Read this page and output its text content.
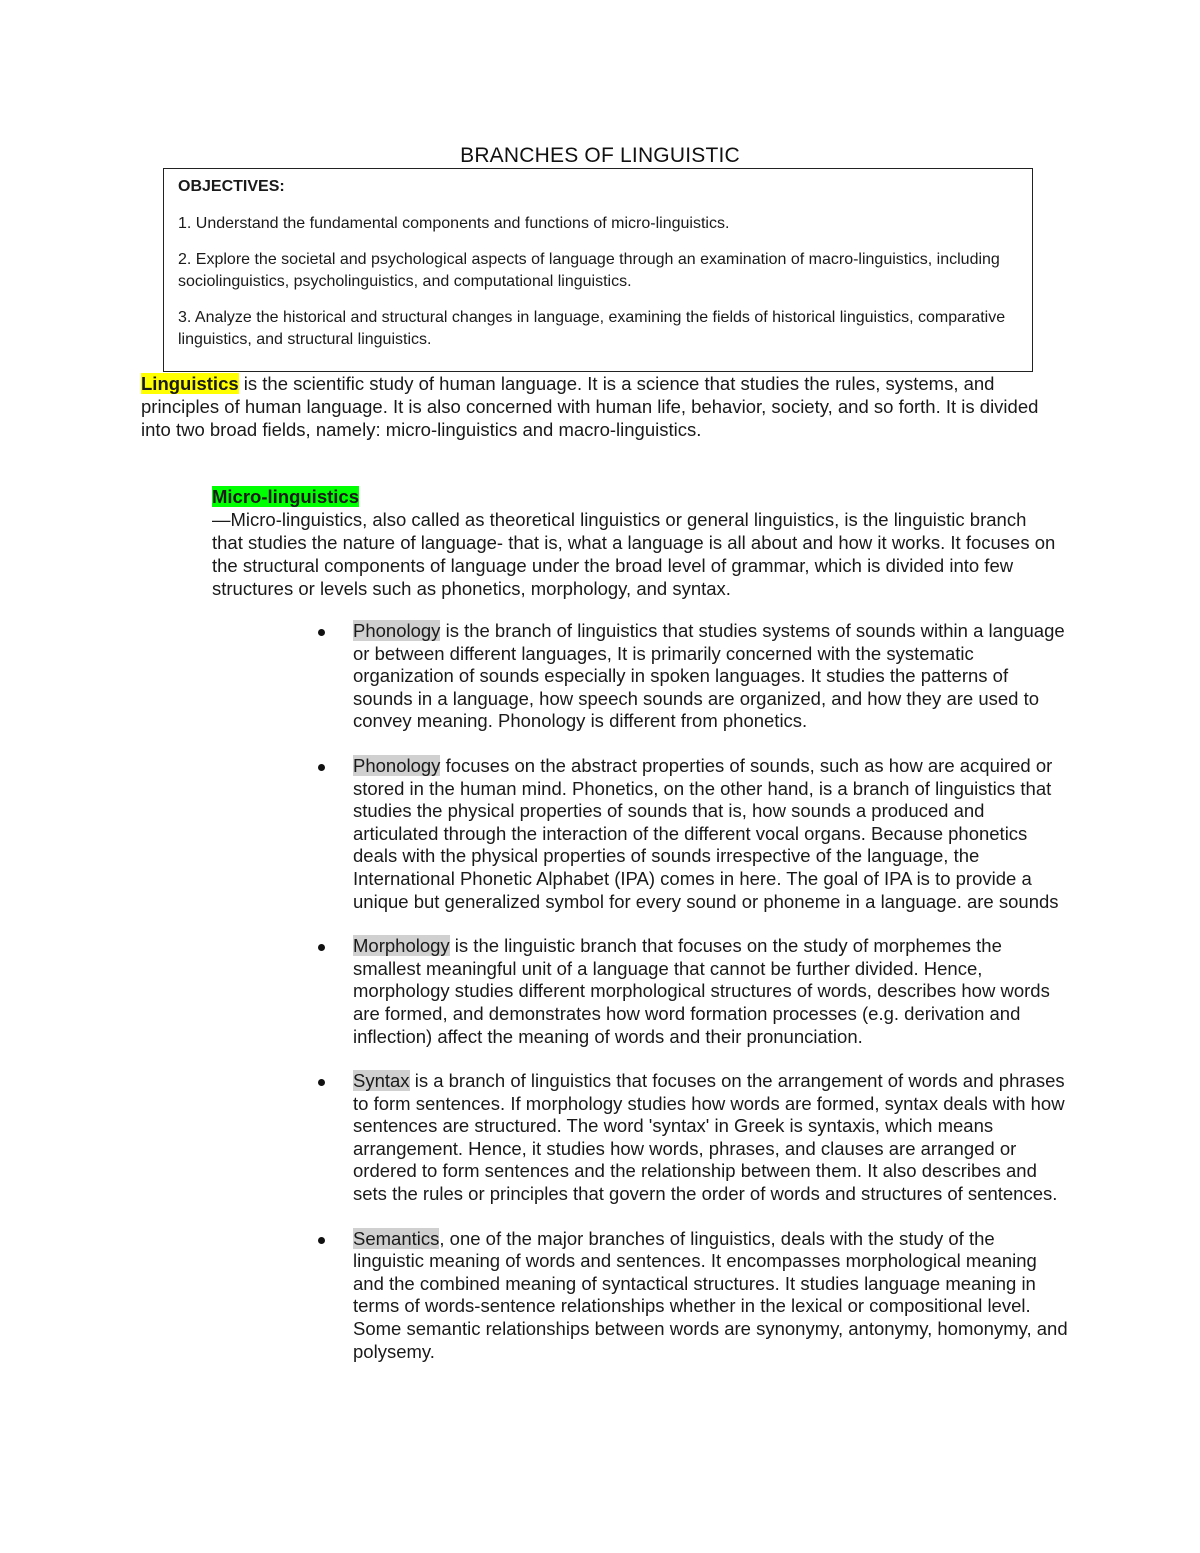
BRANCHES OF LINGUISTIC
OBJECTIVES:
1. Understand the fundamental components and functions of micro-linguistics.
2. Explore the societal and psychological aspects of language through an examination of macro-linguistics, including sociolinguistics, psycholinguistics, and computational linguistics.
3. Analyze the historical and structural changes in language, examining the fields of historical linguistics, comparative linguistics, and structural linguistics.
Linguistics is the scientific study of human language. It is a science that studies the rules, systems, and principles of human language. It is also concerned with human life, behavior, society, and so forth. It is divided into two broad fields, namely: micro-linguistics and macro-linguistics.
Micro-linguistics
—Micro-linguistics, also called as theoretical linguistics or general linguistics, is the linguistic branch that studies the nature of language- that is, what a language is all about and how it works. It focuses on the structural components of language under the broad level of grammar, which is divided into few structures or levels such as phonetics, morphology, and syntax.
Phonology is the branch of linguistics that studies systems of sounds within a language or between different languages, It is primarily concerned with the systematic organization of sounds especially in spoken languages. It studies the patterns of sounds in a language, how speech sounds are organized, and how they are used to convey meaning. Phonology is different from phonetics.
Phonology focuses on the abstract properties of sounds, such as how are acquired or stored in the human mind. Phonetics, on the other hand, is a branch of linguistics that studies the physical properties of sounds that is, how sounds a produced and articulated through the interaction of the different vocal organs. Because phonetics deals with the physical properties of sounds irrespective of the language, the International Phonetic Alphabet (IPA) comes in here. The goal of IPA is to provide a unique but generalized symbol for every sound or phoneme in a language. are sounds
Morphology is the linguistic branch that focuses on the study of morphemes the smallest meaningful unit of a language that cannot be further divided. Hence, morphology studies different morphological structures of words, describes how words are formed, and demonstrates how word formation processes (e.g. derivation and inflection) affect the meaning of words and their pronunciation.
Syntax is a branch of linguistics that focuses on the arrangement of words and phrases to form sentences. If morphology studies how words are formed, syntax deals with how sentences are structured. The word 'syntax' in Greek is syntaxis, which means arrangement. Hence, it studies how words, phrases, and clauses are arranged or ordered to form sentences and the relationship between them. It also describes and sets the rules or principles that govern the order of words and structures of sentences.
Semantics, one of the major branches of linguistics, deals with the study of the linguistic meaning of words and sentences. It encompasses morphological meaning and the combined meaning of syntactical structures. It studies language meaning in terms of words-sentence relationships whether in the lexical or compositional level. Some semantic relationships between words are synonymy, antonymy, homonymy, and polysemy.
